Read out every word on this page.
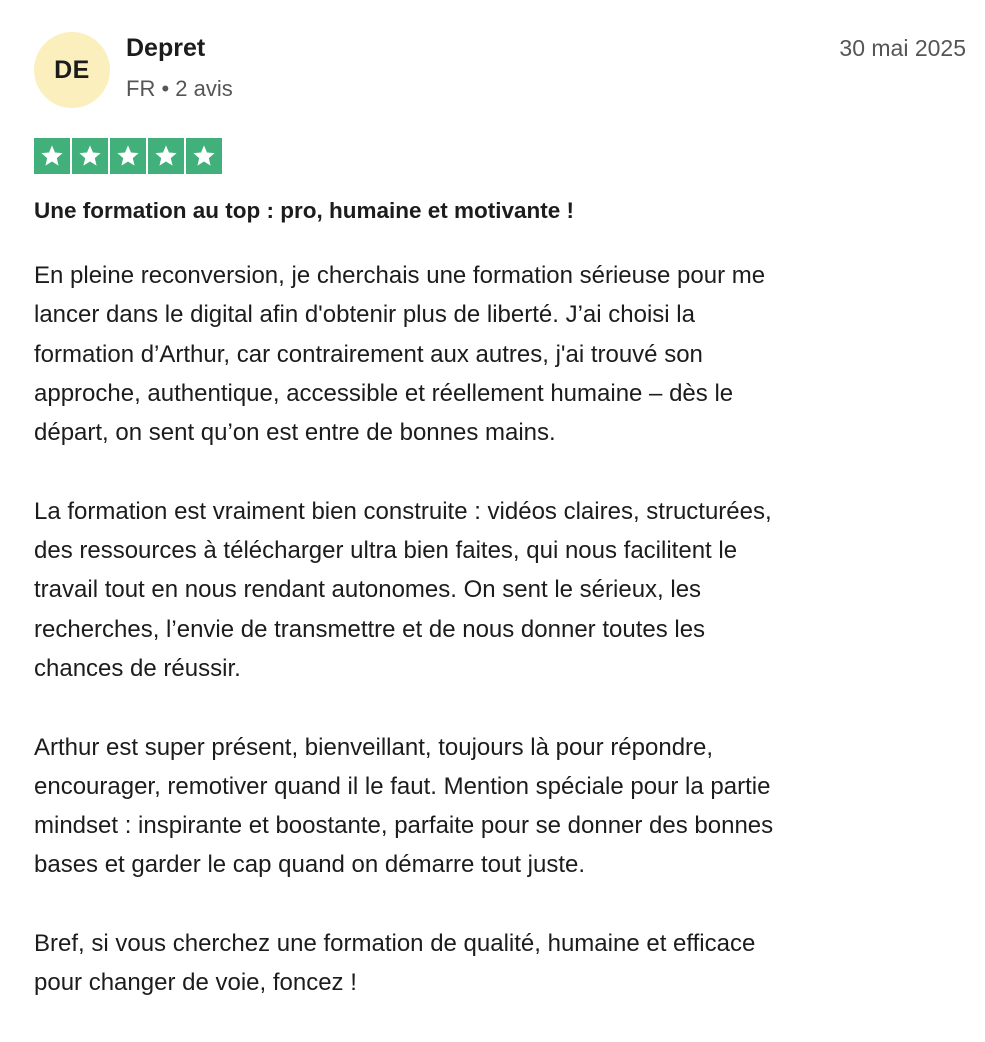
DE
Depret
FR • 2 avis
30 mai 2025
Une formation au top : pro, humaine et motivante !

En pleine reconversion, je cherchais une formation sérieuse pour me
lancer dans le digital afin d'obtenir plus de liberté. J’ai choisi la
formation d’Arthur, car contrairement aux autres, j'ai trouvé son
approche, authentique, accessible et réellement humaine – dès le
départ, on sent qu’on est entre de bonnes mains.

La formation est vraiment bien construite : vidéos claires, structurées,
des ressources à télécharger ultra bien faites, qui nous facilitent le
travail tout en nous rendant autonomes. On sent le sérieux, les
recherches, l’envie de transmettre et de nous donner toutes les
chances de réussir.

Arthur est super présent, bienveillant, toujours là pour répondre,
encourager, remotiver quand il le faut. Mention spéciale pour la partie
mindset : inspirante et boostante, parfaite pour se donner des bonnes
bases et garder le cap quand on démarre tout juste.

Bref, si vous cherchez une formation de qualité, humaine et efficace
pour changer de voie, foncez !
